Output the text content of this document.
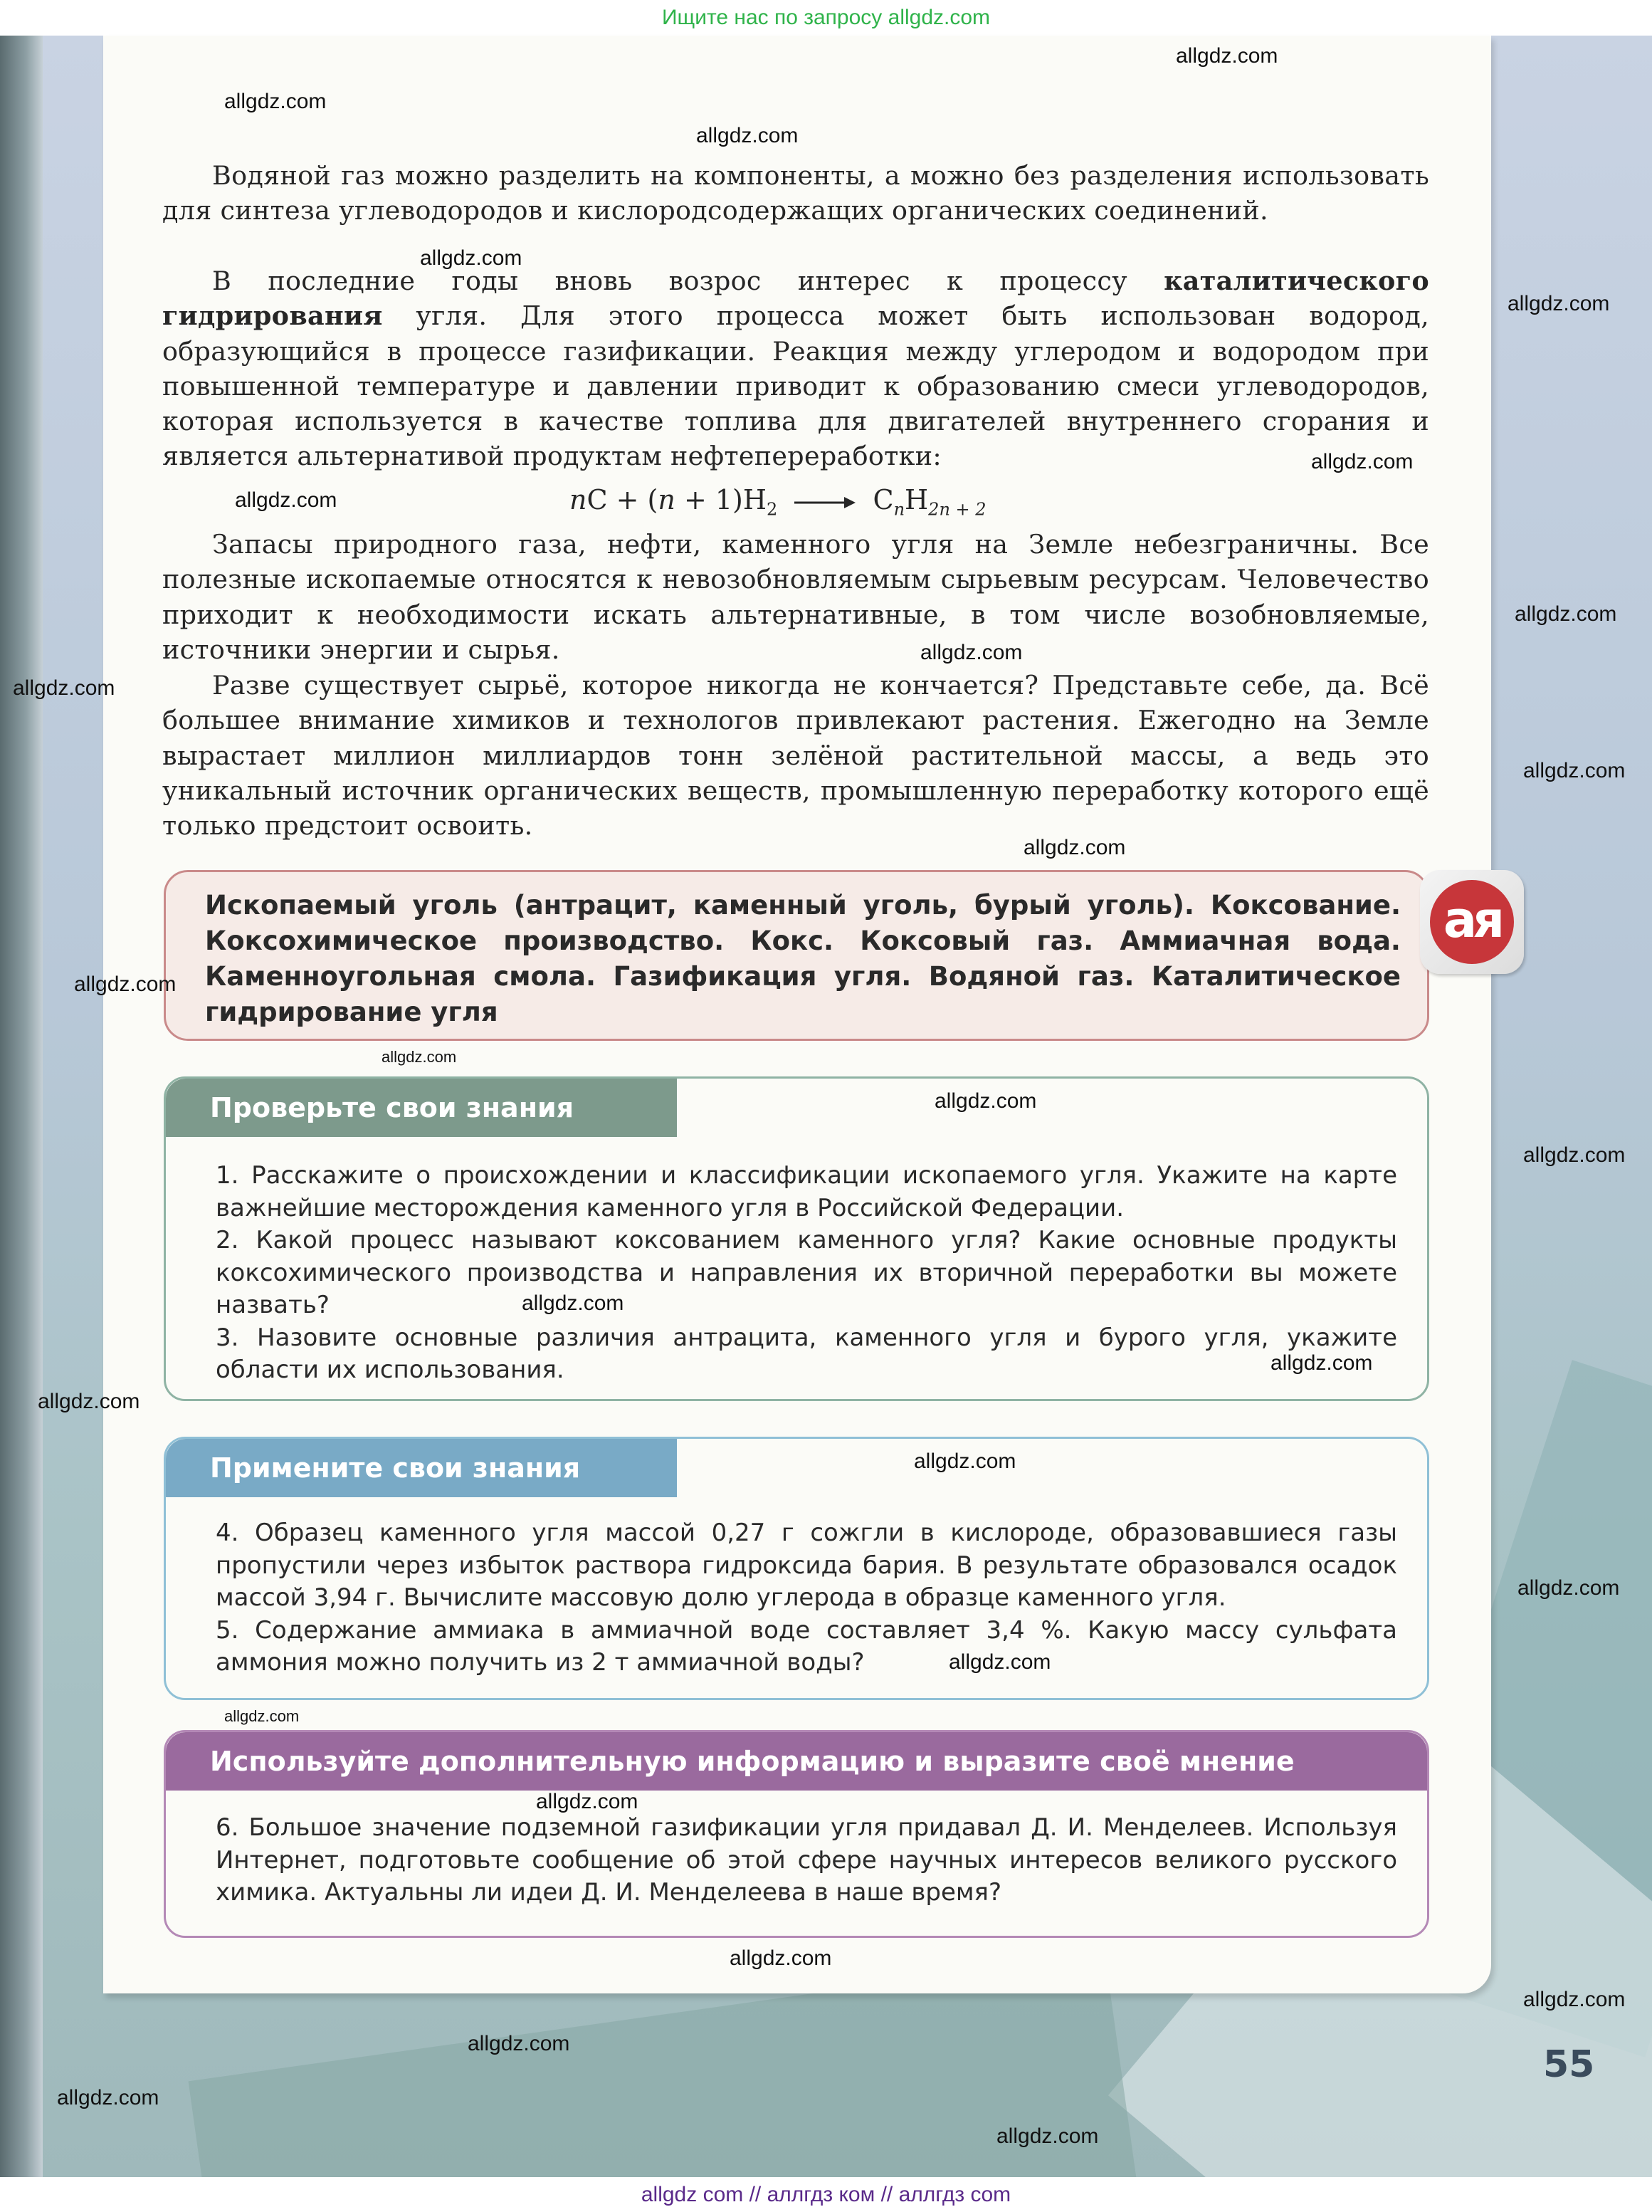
Ищите нас по запросу allgdz.com

Водяной газ можно разделить на компоненты, а можно без разделения использовать для синтеза углеводородов и кислородсодержащих органических соединений.

В последние годы вновь возрос интерес к процессу каталитического гидрирования угля. Для этого процесса может быть использован водород, образующийся в процессе газификации. Реакция между углеродом и водородом при повышенной температуре и давлении приводит к образованию смеси углеводородов, которая используется в качестве топлива для двигателей внутреннего сгорания и является альтернативой продуктам нефтепереработки:

nC + $(n + 1)H_2$	$C_nH_{2n + 2}$

Запасы природного газа, нефти, каменного угля на Земле небезграничны. Все полезные ископаемые относятся к невозобновляемым сырьевым ресурсам. Человечество приходит к необходимости искать альтернативные, в том числе возобновляемые, источники энергии и сырья.

Разве существует сырьё, которое никогда не кончается? Представьте себе, да. Всё большее внимание химиков и технологов привлекают растения. Ежегодно на Земле вырастает миллион миллиардов тонн зелёной растительной массы, а ведь это уникальный источник органических веществ, промышленную переработку которого ещё только предстоит освоить.

Ископаемый уголь (антрацит, каменный уголь, бурый уголь). Коксование. Коксохимическое производство. Кокс. Коксовый газ. Аммиачная вода. Каменноугольная смола. Газификация угля. Водяной газ. Каталитическое гидрирование угля
ая
Проверьте свои знания

1. Расскажите о происхождении и классификации ископаемого угля. Укажите на карте важнейшие месторождения каменного угля в Российской Федерации.

2. Какой процесс называют коксованием каменного угля? Какие основные продукты коксохимического производства и направления их вторичной переработки вы можете назвать?

3. Назовите основные различия антрацита, каменного угля и бурого угля, укажите области их использования.

Примените свои знания

4. Образец каменного угля массой 0,27 г сожгли в кислороде, образовавшиеся газы пропустили через избыток раствора гидроксида бария. В результате образовался осадок массой 3,94 г. Вычислите массовую долю углерода в образце каменного угля.

5. Содержание аммиака в аммиачной воде составляет 3,4 %. Какую массу сульфата аммония можно получить из 2 т аммиачной воды?

Используйте дополнительную информацию и выразите своё мнение

6. Большое значение подземной газификации угля придавал Д. И. Менделеев. Используя Интернет, подготовьте сообщение об этой сфере научных интересов великого русского химика. Актуальны ли идеи Д. И. Менделеева в наше время?

55
allgdz.com
allgdz.com
allgdz.com
allgdz.com
allgdz.com
allgdz.com
allgdz.com
allgdz.com
allgdz.com
allgdz.com
allgdz.com
allgdz.com
allgdz.com
allgdz.com
allgdz.com
allgdz.com
allgdz.com
allgdz.com
allgdz.com
allgdz.com
allgdz.com
allgdz.com
allgdz.com
allgdz.com
allgdz.com
allgdz.com
allgdz.com
allgdz.com
allgdz.com
allgdz com // аллгдз ком // аллгдз com
